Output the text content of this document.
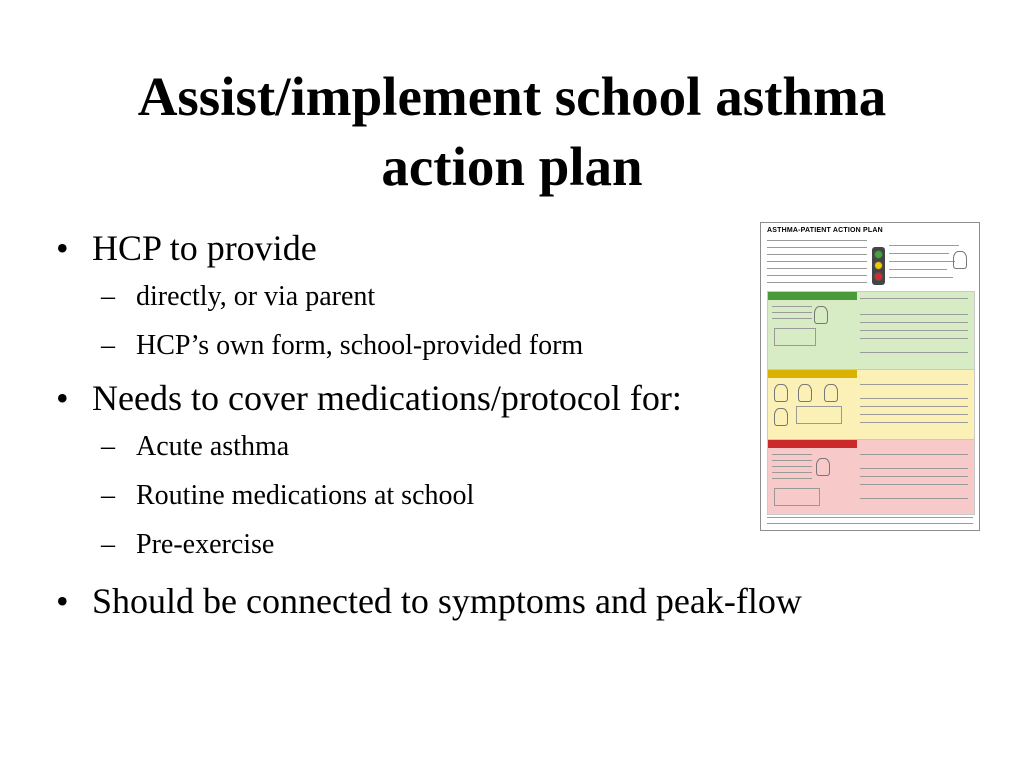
Assist/implement school asthma
action plan
• HCP to provide
– directly, or via parent
– HCP’s own form, school-provided form
• Needs to cover medications/protocol for:
– Acute asthma
– Routine medications at school
– Pre-exercise
• Should be connected to symptoms and peak-flow
ASTHMA-PATIENT ACTION PLAN
